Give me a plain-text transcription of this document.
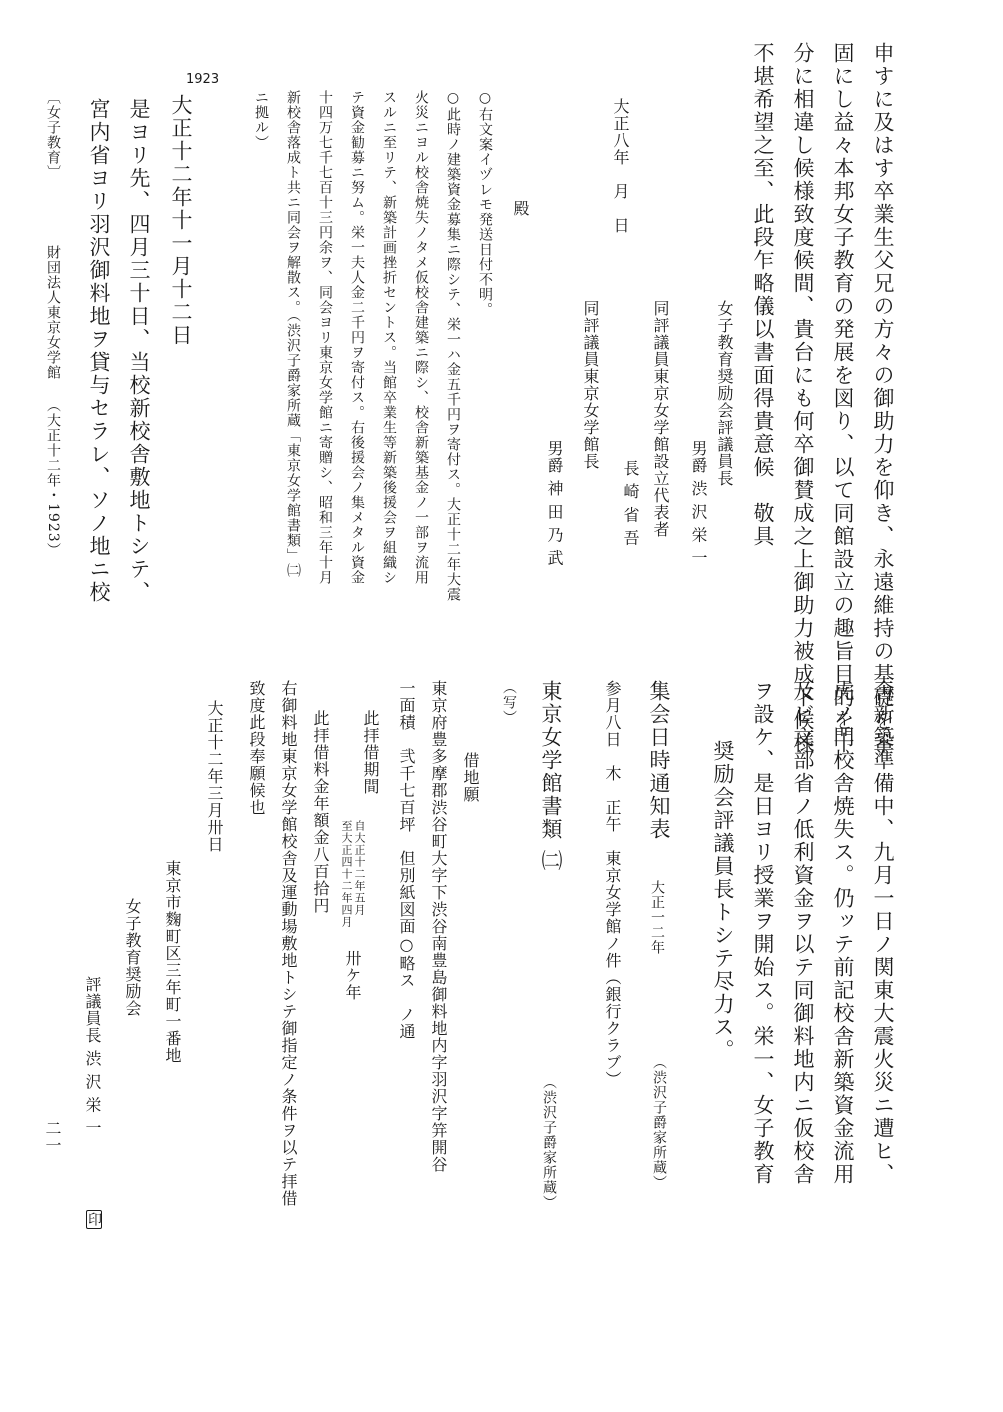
申すに及はす卒業生父兄の方々の御助力を仰き、永遠維持の基礎を鞏
固にし益々本邦女子教育の発展を図り、以て同館設立の趣旨目的を十
分に相違し候様致度候間、貴台にも何卒御賛成之上御助力被成下候様
不堪希望之至、此段乍略儀以書面得貴意候　敬具
女子教育奨励会評議員長
男爵 渋 沢 栄 一
同評議員東京女学館設立代表者
長 崎 省 吾
同評議員東京女学館長
男爵 神 田 乃 武
大正八年　月　日
殿
○右文案イヅレモ発送日付不明。
○此時ノ建築資金募集ニ際シテ、栄一ハ金五千円ヲ寄付ス。大正十二年大震
火災ニヨル校舎焼失ノタメ仮校舎建築ニ際シ、校舎新築基金ノ一部ヲ流用
スルニ至リテ、新築計画挫折セントス。当館卒業生等新築後援会ヲ組織シ
テ資金勧募ニ努ム。栄一夫人金二千円ヲ寄付ス。右後援会ノ集メタル資金
十四万七千七百十三円余ヲ、同会ヨリ東京女学館ニ寄贈シ、昭和三年十月
新校舎落成ト共ニ同会ヲ解散ス。（渋沢子爵家所蔵「東京女学館書類」㈡
ニ拠ル）
1923
大正十二年十一月十二日
是ヨリ先、四月三十日、当校新校舎敷地トシテ、
宮内省ヨリ羽沢御料地ヲ貸与セラレ、ソノ地ニ校
〔女子教育〕
財団法人東京女学館
（大正十二年・1923）
舎新築準備中、九月一日ノ関東大震火災ニ遭ヒ、
虎ノ門校舎焼失ス。仍ッテ前記校舎新築資金流用
及ビ文部省ノ低利資金ヲ以テ同御料地内ニ仮校舎
ヲ設ケ、是日ヨリ授業ヲ開始ス。栄一、女子教育
奨励会評議員長トシテ尽力ス。
集会日時通知表
大正一二年
（渋沢子爵家所蔵）
参月八日　木　正午　東京女学館ノ件（銀行クラブ）
東京女学館書類 ㈡
（渋沢子爵家所蔵）
（写）
借地願
東京府豊多摩郡渋谷町大字下渋谷南豊島御料地内字羽沢字笄開谷
一面積　弐千七百坪　但別紙図面○略ス　ノ通
此拝借期間
自大正十二年五月
至大正四十二年四月
卅ケ年
此拝借料金年額金八百拾円
右御料地東京女学館校舎及運動場敷地トシテ御指定ノ条件ヲ以テ拝借
致度此段奉願候也
大正十二年三月卅日
東京市麴町区三年町一番地
女子教育奨励会
評議員長 渋 沢 栄 一
印
二一
